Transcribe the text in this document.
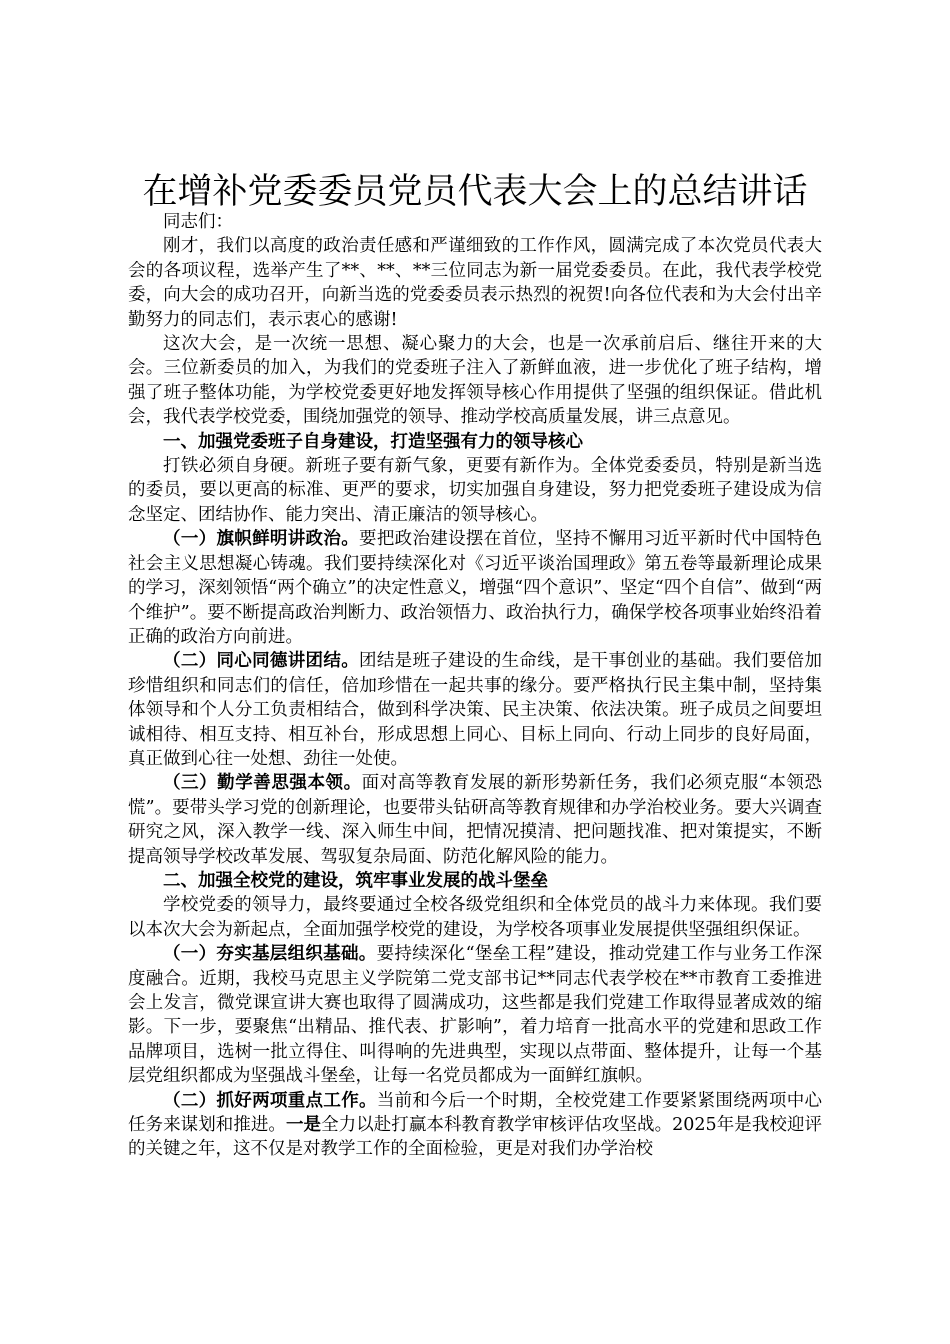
在增补党委委员党员代表大会上的总结讲话

同志们：

刚才，我们以高度的政治责任感和严谨细致的工作作风，圆满完成了本次党员代表大会的各项议程，选举产生了**、**、**三位同志为新一届党委委员。在此，我代表学校党委，向大会的成功召开，向新当选的党委委员表示热烈的祝贺!向各位代表和为大会付出辛勤努力的同志们，表示衷心的感谢!

这次大会，是一次统一思想、凝心聚力的大会，也是一次承前启后、继往开来的大会。三位新委员的加入，为我们的党委班子注入了新鲜血液，进一步优化了班子结构，增强了班子整体功能，为学校党委更好地发挥领导核心作用提供了坚强的组织保证。借此机会，我代表学校党委，围绕加强党的领导、推动学校高质量发展，讲三点意见。

一、加强党委班子自身建设，打造坚强有力的领导核心

打铁必须自身硬。新班子要有新气象，更要有新作为。全体党委委员，特别是新当选的委员，要以更高的标准、更严的要求，切实加强自身建设，努力把党委班子建设成为信念坚定、团结协作、能力突出、清正廉洁的领导核心。

（一）旗帜鲜明讲政治。要把政治建设摆在首位，坚持不懈用习近平新时代中国特色社会主义思想凝心铸魂。我们要持续深化对《习近平谈治国理政》第五卷等最新理论成果的学习，深刻领悟“两个确立”的决定性意义，增强“四个意识”、坚定“四个自信”、做到“两个维护”。要不断提高政治判断力、政治领悟力、政治执行力，确保学校各项事业始终沿着正确的政治方向前进。

（二）同心同德讲团结。团结是班子建设的生命线，是干事创业的基础。我们要倍加珍惜组织和同志们的信任，倍加珍惜在一起共事的缘分。要严格执行民主集中制，坚持集体领导和个人分工负责相结合，做到科学决策、民主决策、依法决策。班子成员之间要坦诚相待、相互支持、相互补台，形成思想上同心、目标上同向、行动上同步的良好局面，真正做到心往一处想、劲往一处使。

（三）勤学善思强本领。面对高等教育发展的新形势新任务，我们必须克服“本领恐慌”。要带头学习党的创新理论，也要带头钻研高等教育规律和办学治校业务。要大兴调查研究之风，深入教学一线、深入师生中间，把情况摸清、把问题找准、把对策提实，不断提高领导学校改革发展、驾驭复杂局面、防范化解风险的能力。

二、加强全校党的建设，筑牢事业发展的战斗堡垒

学校党委的领导力，最终要通过全校各级党组织和全体党员的战斗力来体现。我们要以本次大会为新起点，全面加强学校党的建设，为学校各项事业发展提供坚强组织保证。

（一）夯实基层组织基础。要持续深化“堡垒工程”建设，推动党建工作与业务工作深度融合。近期，我校马克思主义学院第二党支部书记**同志代表学校在**市教育工委推进会上发言，微党课宣讲大赛也取得了圆满成功，这些都是我们党建工作取得显著成效的缩影。下一步，要聚焦“出精品、推代表、扩影响”，着力培育一批高水平的党建和思政工作品牌项目，选树一批立得住、叫得响的先进典型，实现以点带面、整体提升，让每一个基层党组织都成为坚强战斗堡垒，让每一名党员都成为一面鲜红旗帜。

（二）抓好两项重点工作。当前和今后一个时期，全校党建工作要紧紧围绕两项中心任务来谋划和推进。一是全力以赴打赢本科教育教学审核评估攻坚战。2025年是我校迎评的关键之年，这不仅是对教学工作的全面检验，更是对我们办学治校
